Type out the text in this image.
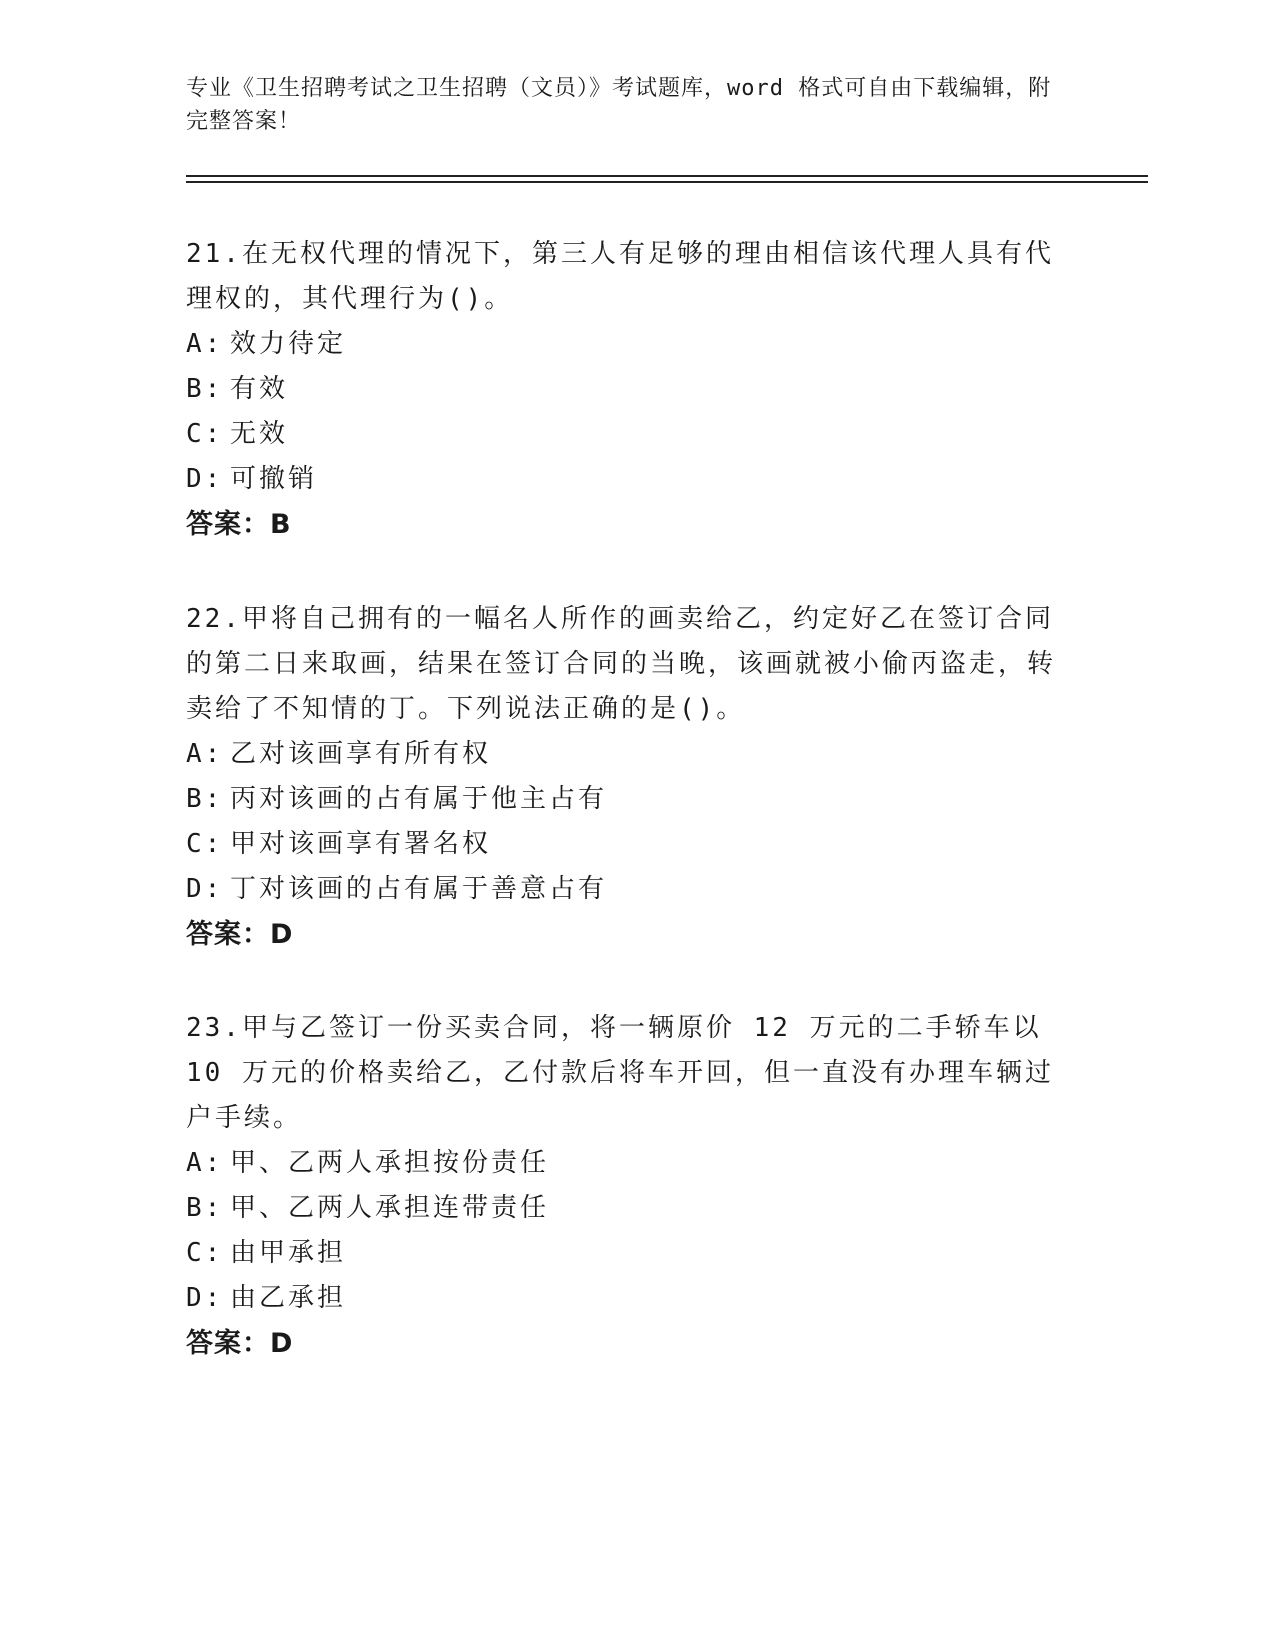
专业《卫生招聘考试之卫生招聘（文员）》考试题库，word 格式可自由下载编辑，附完整答案！

21.在无权代理的情况下，第三人有足够的理由相信该代理人具有代理权的，其代理行为()。

A: 效力待定
B: 有效
C: 无效
D: 可撤销
答案：B

22.甲将自己拥有的一幅名人所作的画卖给乙，约定好乙在签订合同的第二日来取画，结果在签订合同的当晚，该画就被小偷丙盗走，转卖给了不知情的丁。下列说法正确的是()。

A: 乙对该画享有所有权
B: 丙对该画的占有属于他主占有
C: 甲对该画享有署名权
D: 丁对该画的占有属于善意占有
答案：D

23.甲与乙签订一份买卖合同，将一辆原价 12 万元的二手轿车以 10 万元的价格卖给乙，乙付款后将车开回，但一直没有办理车辆过户手续。

A: 甲、乙两人承担按份责任
B: 甲、乙两人承担连带责任
C: 由甲承担
D: 由乙承担
答案：D
